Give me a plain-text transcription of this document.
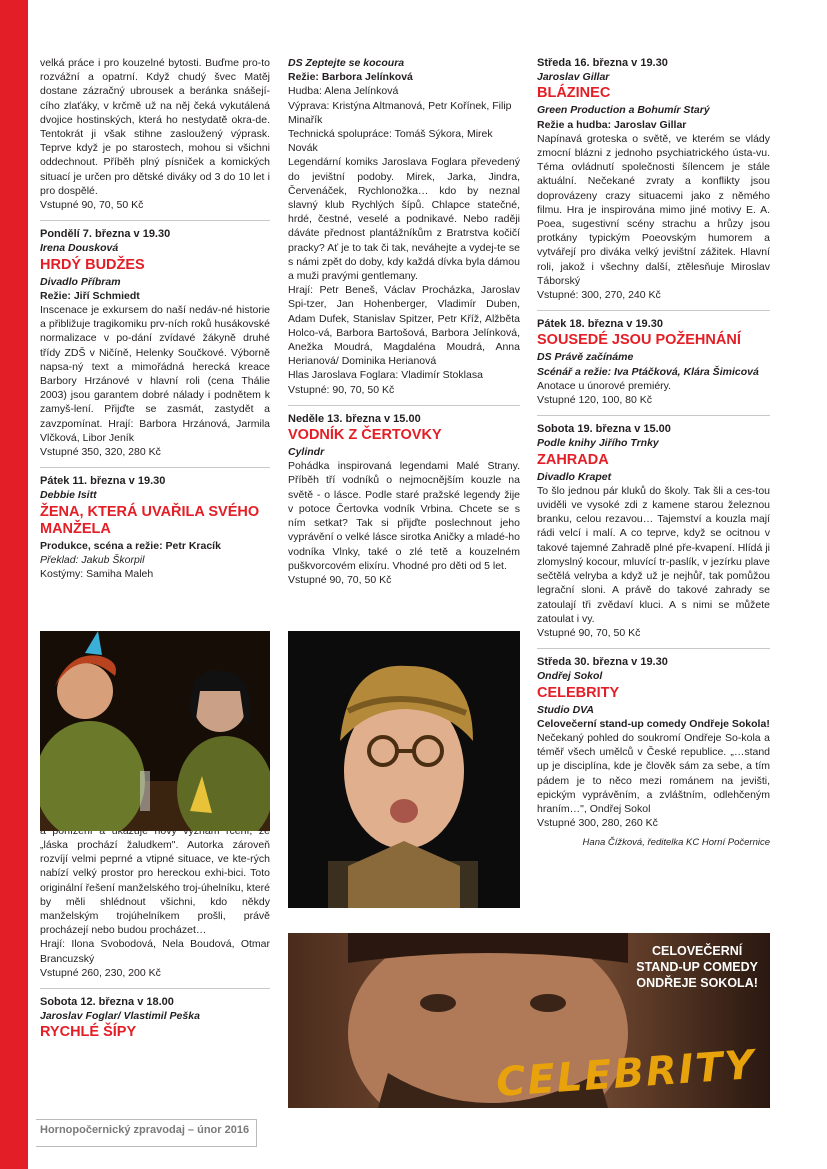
velká práce i pro kouzelné bytosti. Buďme pro-to rozvážní a opatrní. Když chudý švec Matěj dostane zázračný ubrousek a beránka snášejí-cího zlaťáky, v krčmě už na něj čeká vykutálená dvojice hostinských, která ho nestydatě okra-de. Tentokrát ji však stihne zasloužený výprask. Teprve když je po starostech, mohou si všichni oddechnout. Příběh plný písniček a komických situací je určen pro dětské diváky od 3 do 10 let i pro dospělé.

Vstupné 90, 70, 50 Kč
Pondělí 7. března v 19.30
Irena Dousková
HRDÝ BUDŽES
Divadlo Příbram
Režie: Jiří Schmiedt

Inscenace je exkursem do naší nedáv-né historie a přibližuje tragikomiku prv-ních roků husákovské normalizace v po-dání zvídavé žákyně druhé třídy ZDŠ v Ničíně, Helenky Součkové. Výborně napsa-ný text a mimořádná herecká kreace Barbory Hrzánové v hlavní roli (cena Thálie 2003) jsou garantem dobré nálady i podnětem k zamyš-lení. Přijďte se zasmát, zastydět a zavzpomínat. Hrají: Barbora Hrzánová, Jarmila Vlčková, Libor Jeník

Vstupné 350, 320, 280 Kč
Pátek 11. března v 19.30
Debbie Isitt
ŽENA, KTERÁ UVAŘILA SVÉHO MANŽELA
Produkce, scéna a režie: Petr Kracík
Překlad: Jakub Škorpil
Kostýmy: Samiha Maleh

„láska prochází žaludkem". Autorka zároveň rozvíjí velmi peprné a vtipné situace, ve kte-rých nabízí velký prostor pro hereckou exhi-bici. Toto originální řešení manželského troj-úhelníku, které by měli shlédnout všichni, kdo někdy manželským trojúhelníkem prošli, právě procházejí nebo budou procházet…

Hrají: Ilona Svobodová, Nela Boudová, Otmar Brancuzský

Vstupné 260, 230, 200 Kč
Sobota 12. března v 18.00
Jaroslav Foglar/ Vlastimil Peška
RYCHLÉ ŠÍPY
DS Zeptejte se kocoura
Režie: Barbora Jelínková
Hudba: Alena Jelínková
Výprava: Kristýna Altmanová, Petr Kořínek, Filip Minařík
Technická spolupráce: Tomáš Sýkora, Mirek Novák

Legendární komiks Jaroslava Foglara převedený do jevištní podoby. Mirek, Jarka, Jindra, Červenáček, Rychlonožka… kdo by neznal slavný klub Rychlých šípů. Chlapce statečné, hrdé, čestné, veselé a podnikavé. Nebo raději dáváte přednost plantážníkům z Bratrstva kočičí pracky? Ať je to tak či tak, neváhejte a vydej-te se s námi zpět do doby, kdy každá dívka byla dámou a muži pravými gentlemany.

Hrají: Petr Beneš, Václav Procházka, Jaroslav Spi-tzer, Jan Hohenberger, Vladimír Duben, Adam Dufek, Stanislav Spitzer, Petr Kříž, Alžběta Holco-vá, Barbora Bartošová, Barbora Jelínková, Anežka Moudrá, Magdaléna Moudrá, Anna Herianová/ Dominika Herianová

Hlas Jaroslava Foglara: Vladimír Stoklasa
Vstupné: 90, 70, 50 Kč
Neděle 13. března v 15.00
VODNÍK Z ČERTOVKY
Cylindr

Pohádka inspirovaná legendami Malé Strany. Příběh tří vodníků o nejmocnějším kouzle na světě - o lásce. Podle staré pražské legendy žije v potoce Čertovka vodník Vrbina. Chcete se s ním setkat? Tak si přijďte poslechnout jeho vyprávění o velké lásce sirotka Aničky a mladé-ho vodníka Vlnky, také o zlé tetě a kouzelném puškvorcovém elixíru. Vhodné pro děti od 5 let.

Vstupné 90, 70, 50 Kč
Středa 16. března v 19.30
Jaroslav Gillar
BLÁZINEC
Green Production a Bohumír Starý
Režie a hudba: Jaroslav Gillar

Napínavá groteska o světě, ve kterém se vlády zmocní blázni z jednoho psychiatrického ústa-vu. Téma ovládnutí společnosti šílencem je stále aktuální. Nečekané zvraty a konflikty jsou doprovázeny crazy situacemi jako z němého filmu. Hra je inspirována mimo jiné motivy E. A. Poea, sugestivní scény strachu a hrůzy jsou protkány typickým Poeovským humorem a vytvářejí pro diváka velký jevištní zážitek. Hlavní roli, jakož i všechny další, ztělesňuje Miroslav Táborský

Vstupné: 300, 270, 240 Kč
Pátek 18. března v 19.30
SOUSEDÉ JSOU POŽEHNÁNÍ
DS Právě začínáme
Scénář a režie: Iva Ptáčková, Klára Šimicová
Anotace u únorové premiéry.
Vstupné 120, 100, 80 Kč
Sobota 19. března v 15.00
Podle knihy Jiřího Trnky
ZAHRADA
Divadlo Krapet

To šlo jednou pár kluků do školy. Tak šli a ces-tou uviděli ve vysoké zdi z kamene starou železnou branku, celou rezavou… Tajemství a kouzla mají rádi velcí i malí. A co teprve, když se ocitnou v takové tajemné Zahradě plné pře-kvapení. Hlídá ji zlomyslný kocour, mluvící tr-paslík, v jezírku plave sečtělá velryba a když už je nejhůř, tak pomůžou legrační sloni. A právě do takové zahrady se zatoulají tři zvědaví kluci. A s nimi se můžete zatoulat i vy.

Vstupné 90, 70, 50 Kč
Středa 30. března v 19.30
Ondřej Sokol
CELEBRITY
Studio DVA
Celovečerní stand-up comedy Ondřeje Sokola!

Nečekaný pohled do soukromí Ondřeje So-kola a téměř všech umělců v České republice. „…stand up je disciplína, kde je člověk sám za sebe, a tím pádem je to něco mezi románem na jevišti, epickým vyprávěním, a zvláštním, odlehčeným hraním…", Ondřej Sokol

Vstupné 300, 280, 260 Kč
Hana Čížková, ředitelka KC Horní Počernice
CELOVEČERNÍ
STAND-UP COMEDY
ONDŘEJE SOKOLA!
CELEBRITY
Hornopočernický zpravodaj – únor 2016
